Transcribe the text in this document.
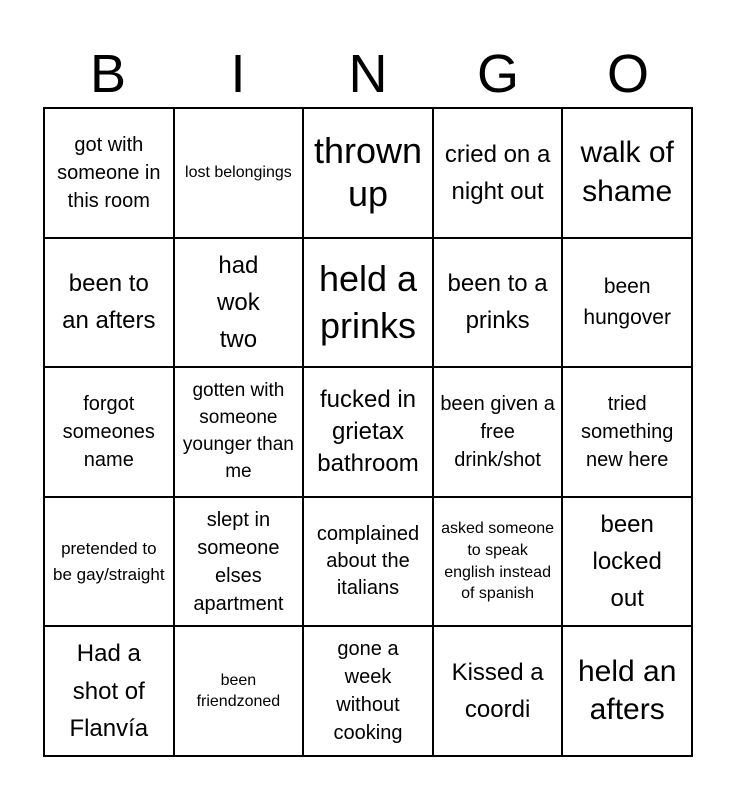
B	I	N	G	O
got with someone in this room
lost belongings
thrown up
cried on a night out
walk of shame
been to an afters
had wok two
held a prinks
been to a prinks
been hungover
forgot someones name
gotten with someone younger than me
fucked in grietax bathroom
been given a free drink/shot
tried something new here
pretended to be gay/straight
slept in someone elses apartment
complained about the italians
asked someone to speak english instead of spanish
been locked out
Had a shot of Flanvía
been friendzoned
gone a week without cooking
Kissed a coordi
held an afters
